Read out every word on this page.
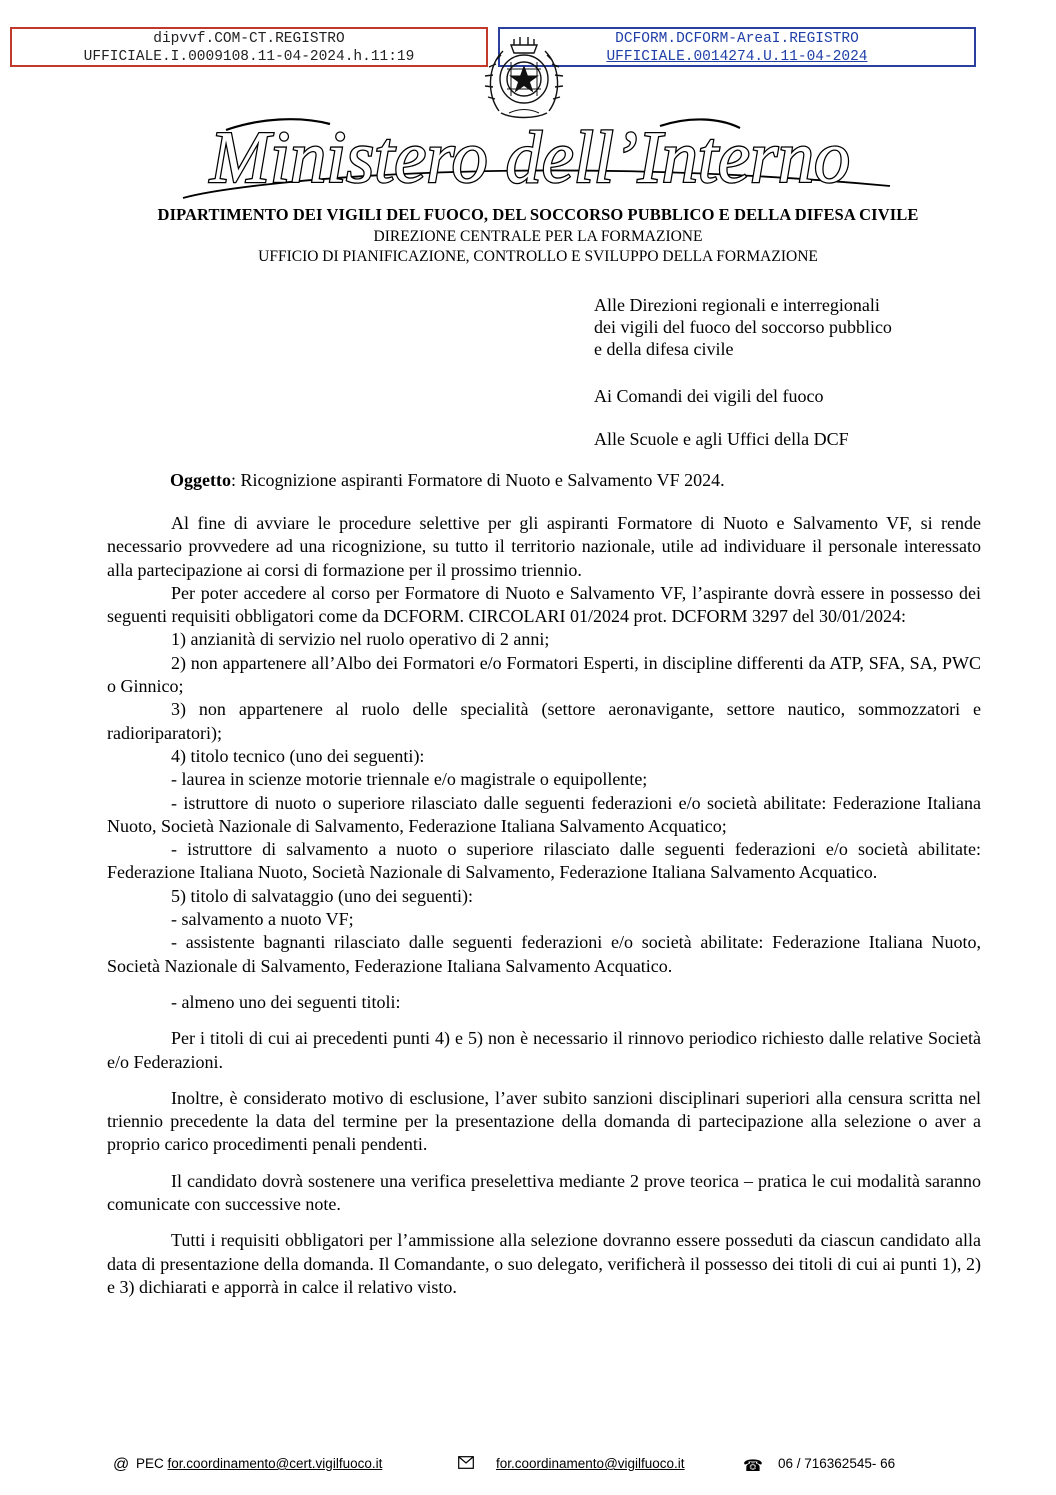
dipvvf.COM-CT.REGISTRO
UFFICIALE.I.0009108.11-04-2024.h.11:19
DCFORM.DCFORM-AreaI.REGISTRO
UFFICIALE.0014274.U.11-04-2024
Ministero dell’Interno
DIPARTIMENTO DEI VIGILI DEL FUOCO, DEL SOCCORSO PUBBLICO E DELLA DIFESA CIVILE
DIREZIONE CENTRALE PER LA FORMAZIONE
UFFICIO DI PIANIFICAZIONE, CONTROLLO E SVILUPPO DELLA FORMAZIONE
Alle Direzioni regionali e interregionali
dei vigili del fuoco del soccorso pubblico
e della difesa civile
Ai Comandi dei vigili del fuoco
Alle Scuole e agli Uffici della DCF
Oggetto: Ricognizione aspiranti Formatore di Nuoto e Salvamento VF 2024.

Al fine di avviare le procedure selettive per gli aspiranti Formatore di Nuoto e Salvamento VF, si rende necessario provvedere ad una ricognizione, su tutto il territorio nazionale, utile ad individuare il personale interessato alla partecipazione ai corsi di formazione per il prossimo triennio.

Per poter accedere al corso per Formatore di Nuoto e Salvamento VF, l’aspirante dovrà essere in possesso dei seguenti requisiti obbligatori come da DCFORM. CIRCOLARI 01/2024 prot. DCFORM 3297 del 30/01/2024:

1) anzianità di servizio nel ruolo operativo di 2 anni;

2) non appartenere all’Albo dei Formatori e/o Formatori Esperti, in discipline differenti da ATP, SFA, SA, PWC o Ginnico;

3) non appartenere al ruolo delle specialità (settore aeronavigante, settore nautico, sommozzatori e radioriparatori);

4) titolo tecnico (uno dei seguenti):

- laurea in scienze motorie triennale e/o magistrale o equipollente;

- istruttore di nuoto o superiore rilasciato dalle seguenti federazioni e/o società abilitate: Federazione Italiana Nuoto, Società Nazionale di Salvamento, Federazione Italiana Salvamento Acquatico;

- istruttore di salvamento a nuoto o superiore rilasciato dalle seguenti federazioni e/o società abilitate: Federazione Italiana Nuoto, Società Nazionale di Salvamento, Federazione Italiana Salvamento Acquatico.

5) titolo di salvataggio (uno dei seguenti):

- salvamento a nuoto VF;

- assistente bagnanti rilasciato dalle seguenti federazioni e/o società abilitate: Federazione Italiana Nuoto, Società Nazionale di Salvamento, Federazione Italiana Salvamento Acquatico.

- almeno uno dei seguenti titoli:

Per i titoli di cui ai precedenti punti 4) e 5) non è necessario il rinnovo periodico richiesto dalle relative Società e/o Federazioni.

Inoltre, è considerato motivo di esclusione, l’aver subito sanzioni disciplinari superiori alla censura scritta nel triennio precedente la data del termine per la presentazione della domanda di partecipazione alla selezione o aver a proprio carico procedimenti penali pendenti.

Il candidato dovrà sostenere una verifica preselettiva mediante 2 prove teorica – pratica le cui modalità saranno comunicate con successive note.

Tutti i requisiti obbligatori per l’ammissione alla selezione dovranno essere posseduti da ciascun candidato alla data di presentazione della domanda. Il Comandante, o suo delegato, verificherà il possesso dei titoli di cui ai punti 1), 2) e 3) dichiarati e apporrà in calce il relativo visto.

@ PEC for.coordinamento@cert.vigilfuoco.it	for.coordinamento@vigilfuoco.it	☎ 06 / 716362545- 66
